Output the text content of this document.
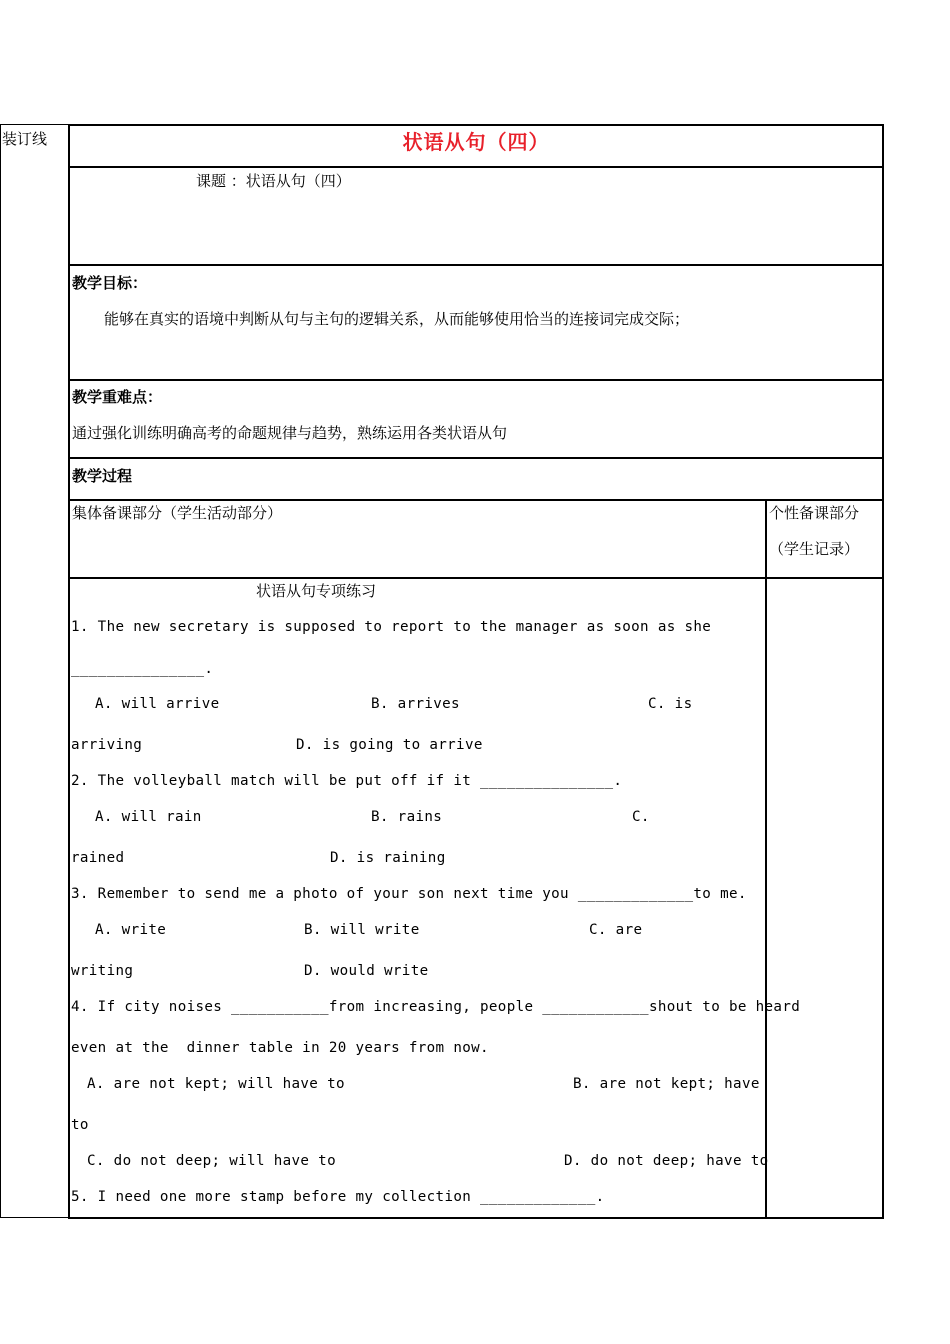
装订线	状语从句（四）
课题 ：状语从句（四）
教学目标：
能够在真实的语境中判断从句与主句的逻辑关系，从而能够使用恰当的连接词完成交际；
教学重难点：
通过强化训练明确高考的命题规律与趋势，熟练运用各类状语从句
教学过程
集体备课部分（学生活动部分）	个性备课部分
（学生记录）
状语从句专项练习
1. The new secretary is supposed to report to the manager as soon as she
_______________.
A. will arrive	B. arrives	C. is
arriving	D. is going to arrive
2. The volleyball match will be put off if it _______________.
A. will rain	B. rains	C.
rained	D. is raining
3. Remember to send me a photo of your son next time you _____________to me.
A. write	B. will write	C. are
writing	D. would write
4. If city noises ___________from increasing, people ____________shout to be heard
even at the  dinner table in 20 years from now.
A. are not kept; will have to	B. are not kept; have
to
C. do not deep; will have to	D. do not deep; have to
5. I need one more stamp before my collection _____________.
